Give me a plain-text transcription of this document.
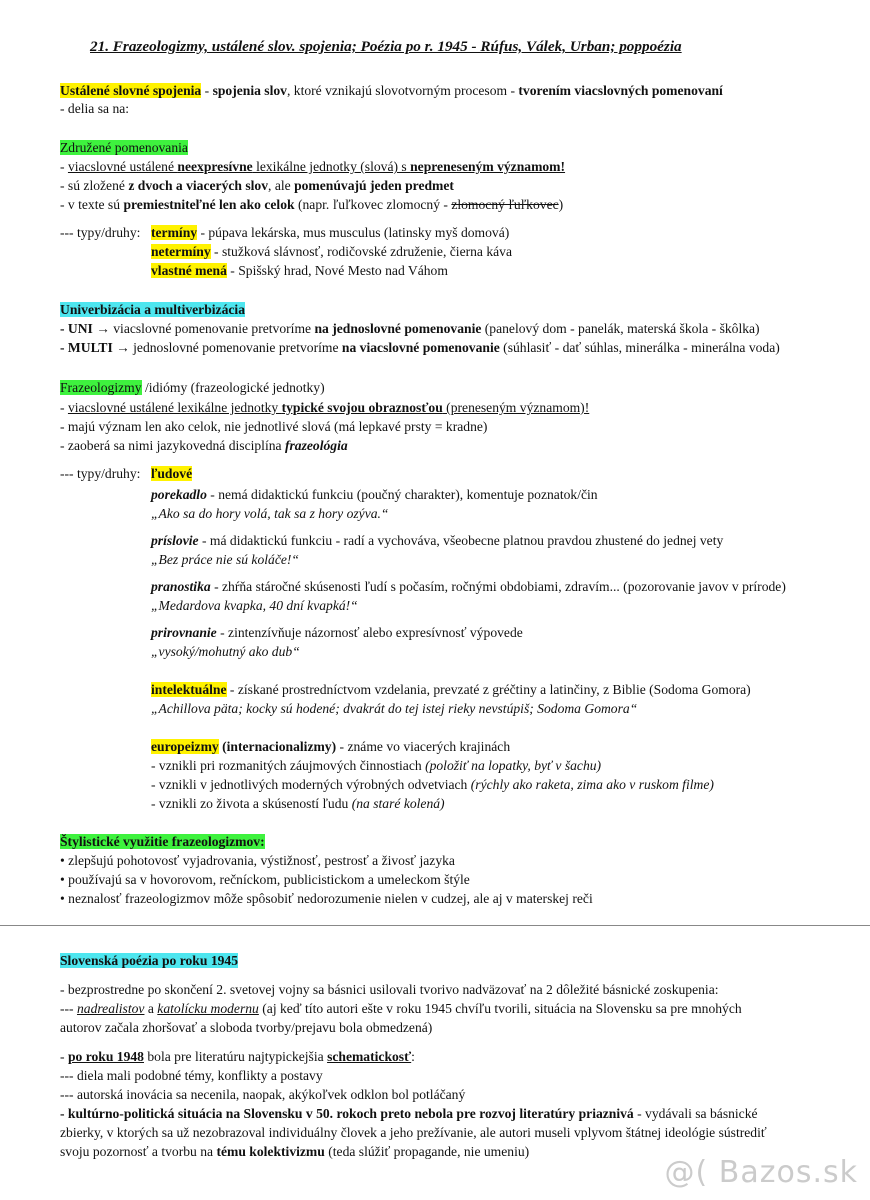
21. Frazeologizmy, ustálené slov. spojenia; Poézia po r. 1945 - Rúfus, Válek, Urban; poppoézia
Ustálené slovné spojenia - spojenia slov, ktoré vznikajú slovotvorným procesom - tvorením viacslovných pomenovaní
- delia sa na:
Združené pomenovania
- viacslovné ustálené neexpresívne lexikálne jednotky (slová) s nepreneseným významom!
- sú zložené z dvoch a viacerých slov, ale pomenúvajú jeden predmet
- v texte sú premiestniteľné len ako celok (napr. ľuľkovec zlomocný - zlomocný ľuľkovec)
--- typy/druhy: termíny - púpava lekárska, mus musculus (latinsky myš domová)
netermíny - stužková slávnosť, rodičovské združenie, čierna káva
vlastné mená - Spišský hrad, Nové Mesto nad Váhom
Univerbizácia a multiverbizácia
- UNI → viacslovné pomenovanie pretvoríme na jednoslovné pomenovanie (panelový dom - panelák, materská škola - škôlka)
- MULTI → jednoslovné pomenovanie pretvoríme na viacslovné pomenovanie (súhlasiť - dať súhlas, minerálka - minerálna voda)
Frazeologizmy /idiómy (frazeologické jednotky)
- viacslovné ustálené lexikálne jednotky typické svojou obraznosťou (preneseným významom)!
- majú význam len ako celok, nie jednotlivé slová (má lepkavé prsty = kradne)
- zaoberá sa nimi jazykovedná disciplína frazeológia
--- typy/druhy: ľudové
porekadlo - nemá didaktickú funkciu (poučný charakter), komentuje poznatok/čin
„Ako sa do hory volá, tak sa z hory ozýva.“
príslovie - má didaktickú funkciu - radí a vychováva, všeobecne platnou pravdou zhustené do jednej vety
„Bez práce nie sú koláče!“
pranostika - zhŕňa stáročné skúsenosti ľudí s počasím, ročnými obdobiami, zdravím... (pozorovanie javov v prírode)
„Medardova kvapka, 40 dní kvapká!“
prirovnanie - zintenzívňuje názornosť alebo expresívnosť výpovede
„vysoký/mohutný ako dub“
intelektuálne - získané prostredníctvom vzdelania, prevzaté z gréčtiny a latinčiny, z Biblie (Sodoma Gomora)
„Achillova päta; kocky sú hodené; dvakrát do tej istej rieky nevstúpiš; Sodoma Gomora“
europeizmy (internacionalizmy) - známe vo viacerých krajinách
- vznikli pri rozmanitých záujmových činnostiach (položiť na lopatky, byť v šachu)
- vznikli v jednotlivých moderných výrobných odvetviach (rýchly ako raketa, zima ako v ruskom filme)
- vznikli zo života a skúseností ľudu (na staré kolená)
Štylistické využitie frazeologizmov:
• zlepšujú pohotovosť vyjadrovania, výstižnosť, pestrosť a živosť jazyka
• používajú sa v hovorovom, rečníckom, publicistickom a umeleckom štýle
• neznalosť frazeologizmov môže spôsobiť nedorozumenie nielen v cudzej, ale aj v materskej reči
Slovenská poézia po roku 1945
- bezprostredne po skončení 2. svetovej vojny sa básnici usilovali tvorivo nadväzovať na 2 dôležité básnické zoskupenia:
--- nadrealistov a katolícku modernu (aj keď títo autori ešte v roku 1945 chvíľu tvorili, situácia na Slovensku sa pre mnohých
autorov začala zhoršovať a sloboda tvorby/prejavu bola obmedzená)
- po roku 1948 bola pre literatúru najtypickejšia schematickosť:
--- diela mali podobné témy, konflikty a postavy
--- autorská inovácia sa necenila, naopak, akýkoľvek odklon bol potláčaný
- kultúrno-politická situácia na Slovensku v 50. rokoch preto nebola pre rozvoj literatúry priaznivá - vydávali sa básnické
zbierky, v ktorých sa už nezobrazoval individuálny človek a jeho prežívanie, ale autori museli vplyvom štátnej ideológie sústrediť
svoju pozornosť a tvorbu na tému kolektivizmu (teda slúžiť propagande, nie umeniu)
@( Bazos.sk
